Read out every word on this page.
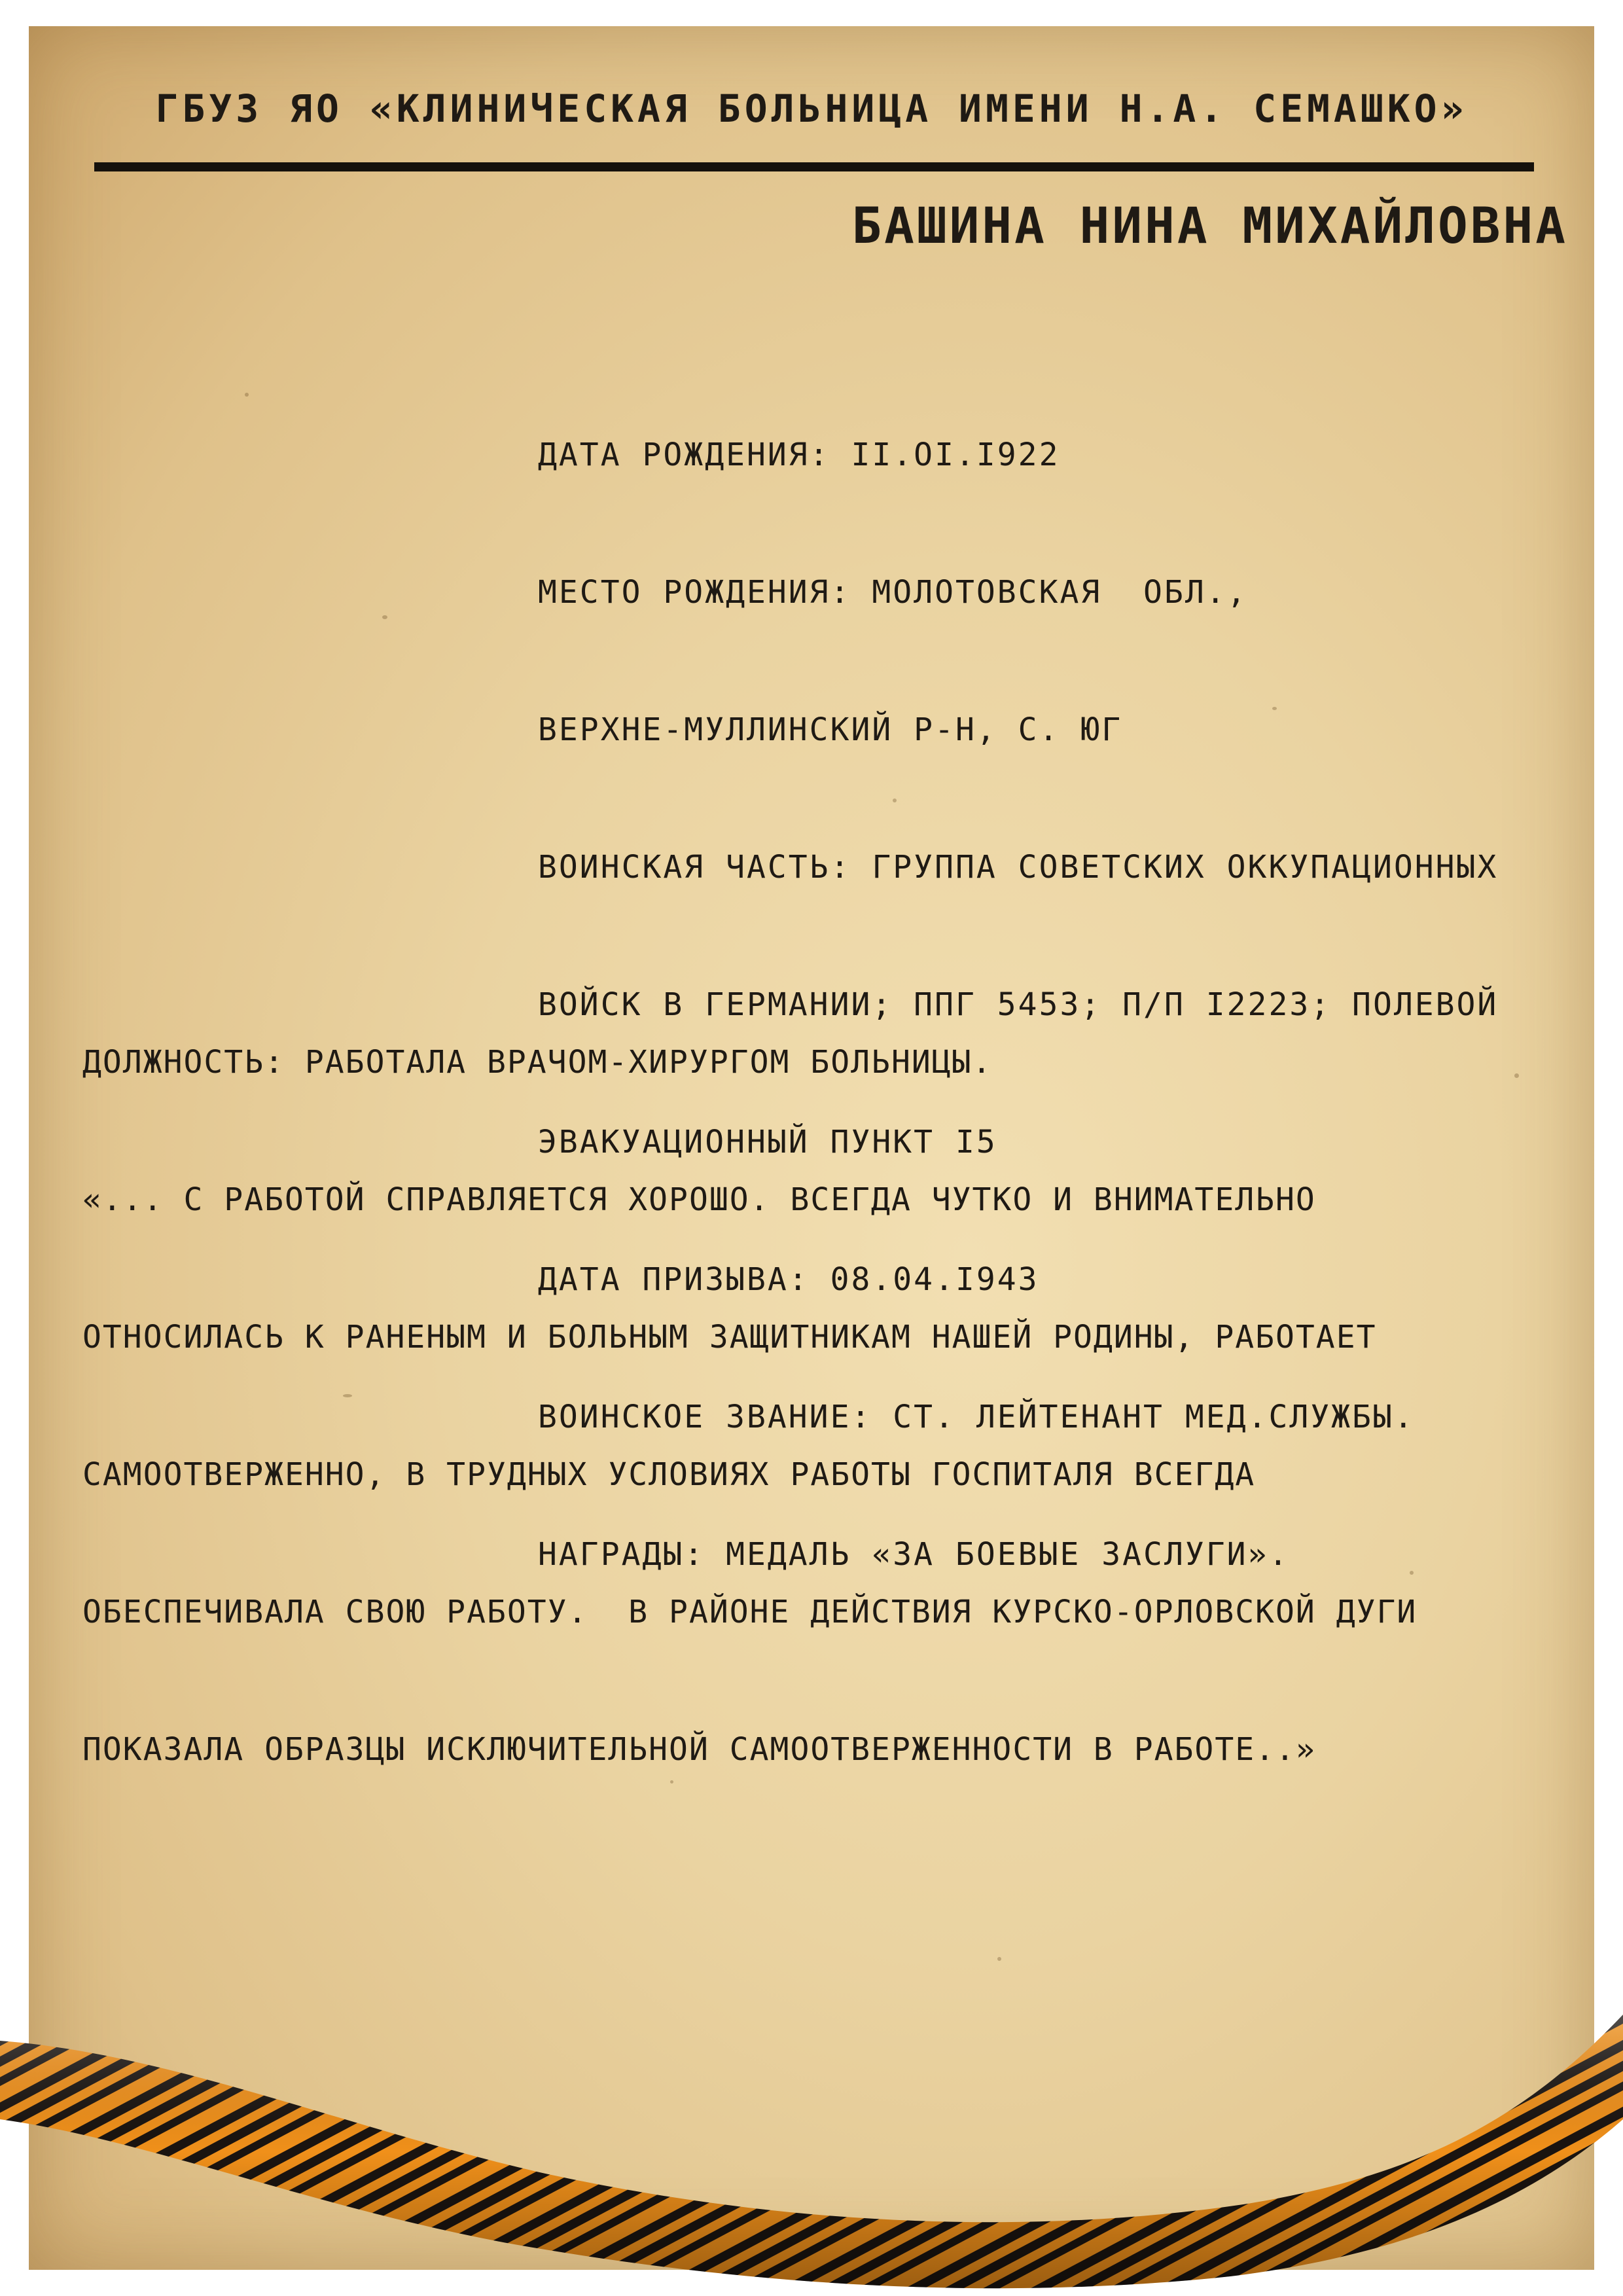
ГБУЗ ЯО «КЛИНИЧЕСКАЯ БОЛЬНИЦА ИМЕНИ Н.А. СЕМАШКО»
БАШИНА НИНА МИХАЙЛОВНА

ДАТА РОЖДЕНИЯ: II.OI.I922

МЕСТО РОЖДЕНИЯ: МОЛОТОВСКАЯ  ОБЛ.,

ВЕРХНЕ-МУЛЛИНСКИЙ Р-Н, С. ЮГ

ВОИНСКАЯ ЧАСТЬ: ГРУППА СОВЕТСКИХ ОККУПАЦИОННЫХ

ВОЙСК В ГЕРМАНИИ; ППГ 5453; П/П I2223; ПОЛЕВОЙ

ЭВАКУАЦИОННЫЙ ПУНКТ I5

ДАТА ПРИЗЫВА: 08.04.I943

ВОИНСКОЕ ЗВАНИЕ: СТ. ЛЕЙТЕНАНТ МЕД.СЛУЖБЫ.

НАГРАДЫ: МЕДАЛЬ «ЗА БОЕВЫЕ ЗАСЛУГИ».

ДОЛЖНОСТЬ: РАБОТАЛА ВРАЧОМ-ХИРУРГОМ БОЛЬНИЦЫ.

«... С РАБОТОЙ СПРАВЛЯЕТСЯ ХОРОШО. ВСЕГДА ЧУТКО И ВНИМАТЕЛЬНО

ОТНОСИЛАСЬ К РАНЕНЫМ И БОЛЬНЫМ ЗАЩИТНИКАМ НАШЕЙ РОДИНЫ, РАБОТАЕТ

САМООТВЕРЖЕННО, В ТРУДНЫХ УСЛОВИЯХ РАБОТЫ ГОСПИТАЛЯ ВСЕГДА

ОБЕСПЕЧИВАЛА СВОЮ РАБОТУ.  В РАЙОНЕ ДЕЙСТВИЯ КУРСКО-ОРЛОВСКОЙ ДУГИ

ПОКАЗАЛА ОБРАЗЦЫ ИСКЛЮЧИТЕЛЬНОЙ САМООТВЕРЖЕННОСТИ В РАБОТЕ..»
